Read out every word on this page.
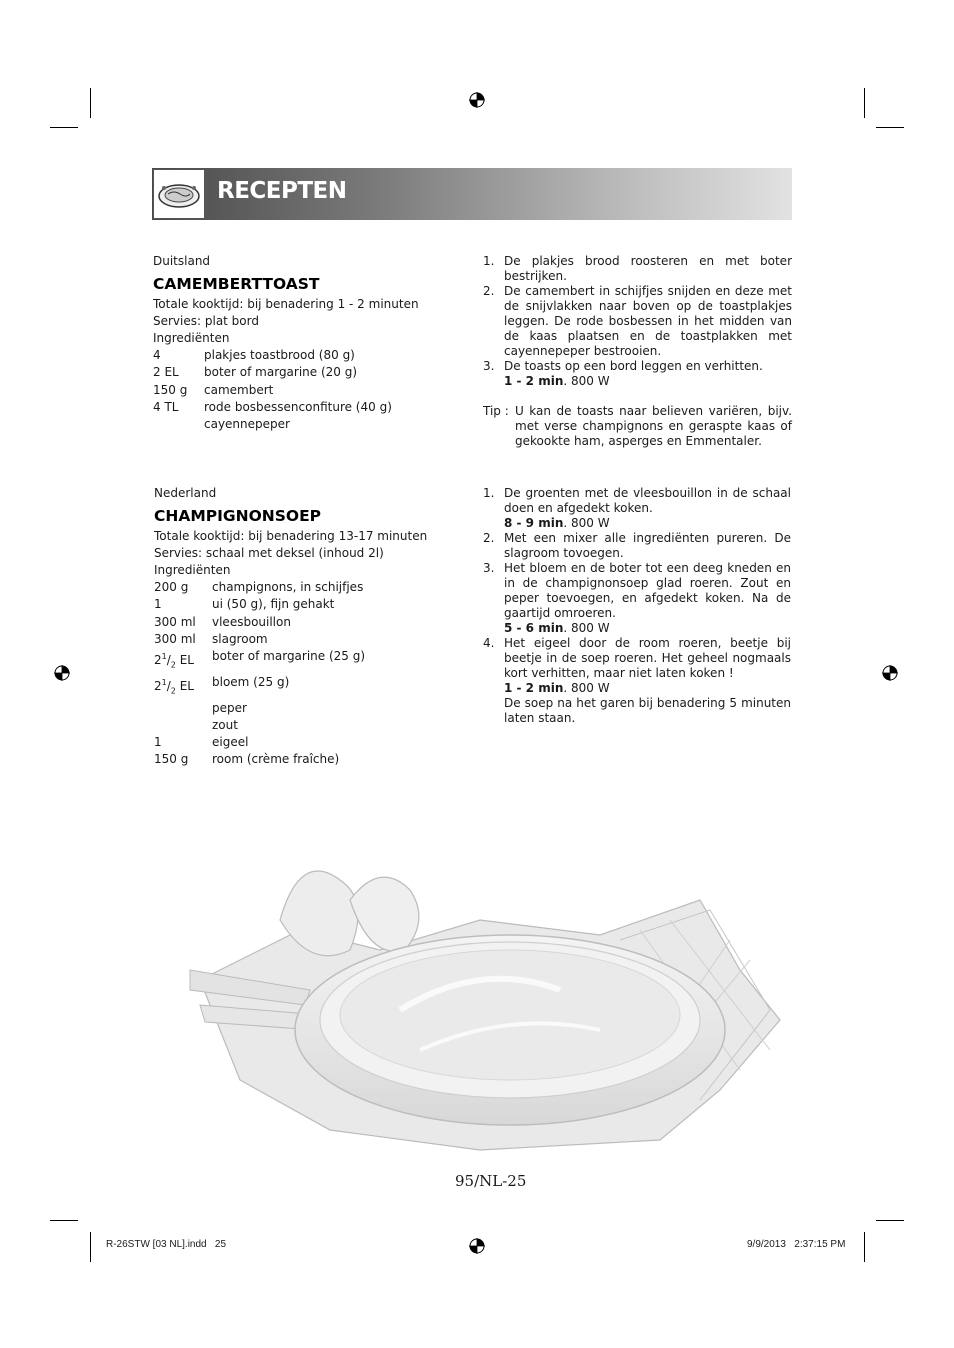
RECEPTEN
Duitsland
CAMEMBERTTOAST
Totale kooktijd: bij benadering 1 - 2 minuten
Servies: plat bord
Ingrediënten
4	plakjes toastbrood (80 g)
2 EL	boter of margarine (20 g)
150 g	camembert
4 TL	rode bosbessenconfiture (40 g)
cayennepeper
1. De plakjes brood roosteren en met boter bestrijken.
2. De camembert in schijfjes snijden en deze met de snijvlakken naar boven op de toastplakjes leggen. De rode bosbessen in het midden van de kaas plaatsen en de toastplakken met cayennepeper bestrooien.
3. De toasts op een bord leggen en verhitten.
1 - 2 min. 800 W
Tip : U kan de toasts naar believen variëren, bijv. met verse champignons en geraspte kaas of gekookte ham, asperges en Emmentaler.
Nederland
CHAMPIGNONSOEP
Totale kooktijd: bij benadering 13-17 minuten
Servies: schaal met deksel (inhoud 2l)
Ingrediënten
200 g	champignons, in schijfjes
1	ui (50 g), fijn gehakt
300 ml	vleesbouillon
300 ml	slagroom
$2^1/_2$ EL	boter of margarine (25 g)
$2^1/_2$ EL	bloem (25 g)
peper
zout
1	eigeel
150 g	room (crème fraîche)
1. De groenten met de vleesbouillon in de schaal doen en afgedekt koken.
8 - 9 min. 800 W
2. Met een mixer alle ingrediënten pureren. De slagroom tovoegen.
3. Het bloem en de boter tot een deeg kneden en in de champignonsoep glad roeren. Zout en peper toevoegen, en afgedekt koken. Na de gaartijd omroeren.
5 - 6 min. 800 W
4. Het eigeel door de room roeren, beetje bij beetje in de soep roeren. Het geheel nogmaals kort verhitten, maar niet laten koken !
1 - 2 min. 800 W
De soep na het garen bij benadering 5 minuten laten staan.
95/NL-25
R-26STW [03 NL].indd   25	9/9/2013   2:37:15 PM
